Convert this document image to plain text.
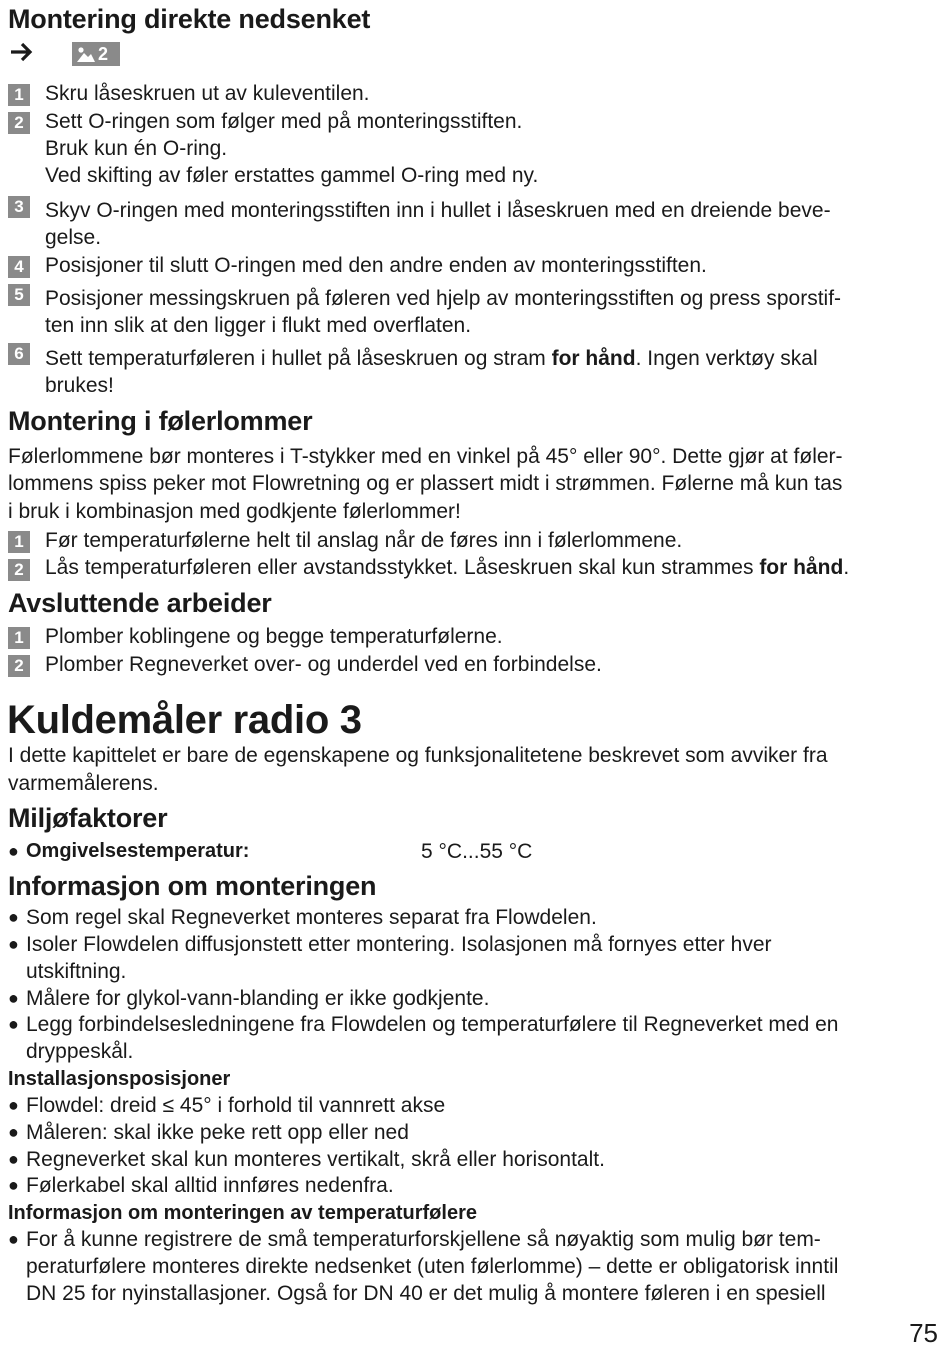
Montering direkte nedsenket
2
1 Skru låseskruen ut av kuleventilen.
2 Sett O-ringen som følger med på monteringsstiften.
Bruk kun én O-ring.
Ved skifting av føler erstattes gammel O-ring med ny.
3 Skyv O-ringen med monteringsstiften inn i hullet i låseskruen med en dreiende beve-
gelse.
4 Posisjoner til slutt O-ringen med den andre enden av monteringsstiften.
5 Posisjoner messingskruen på føleren ved hjelp av monteringsstiften og press sporstif-
ten inn slik at den ligger i flukt med overflaten.
6 Sett temperaturføleren i hullet på låseskruen og stram for hånd. Ingen verktøy skal
brukes!
Montering i følerlommer
Følerlommene bør monteres i T-stykker med en vinkel på 45° eller 90°. Dette gjør at føler-
lommens spiss peker mot Flowretning og er plassert midt i strømmen. Følerne må kun tas
i bruk i kombinasjon med godkjente følerlommer!
1 Før temperaturfølerne helt til anslag når de føres inn i følerlommene.
2 Lås temperaturføleren eller avstandsstykket. Låseskruen skal kun strammes for hånd.
Avsluttende arbeider
1 Plomber koblingene og begge temperaturfølerne.
2 Plomber Regneverket over- og underdel ved en forbindelse.
Kuldemåler radio 3
I dette kapittelet er bare de egenskapene og funksjonalitetene beskrevet som avviker fra
varmemålerens.
Miljøfaktorer
● Omgivelsestemperatur:	5 °C...55 °C
Informasjon om monteringen
● Som regel skal Regneverket monteres separat fra Flowdelen.
● Isoler Flowdelen diffusjonstett etter montering. Isolasjonen må fornyes etter hver
utskiftning.
● Målere for glykol-vann-blanding er ikke godkjente.
● Legg forbindelsesledningene fra Flowdelen og temperaturfølere til Regneverket med en
dryppeskål.
Installasjonsposisjoner
● Flowdel: dreid ≤ 45° i forhold til vannrett akse
● Måleren: skal ikke peke rett opp eller ned
● Regneverket skal kun monteres vertikalt, skrå eller horisontalt.
● Følerkabel skal alltid innføres nedenfra.
Informasjon om monteringen av temperaturfølere
● For å kunne registrere de små temperaturforskjellene så nøyaktig som mulig bør tem-
peraturfølere monteres direkte nedsenket (uten følerlomme) – dette er obligatorisk inntil
DN 25 for nyinstallasjoner. Også for DN 40 er det mulig å montere føleren i en spesiell
75
